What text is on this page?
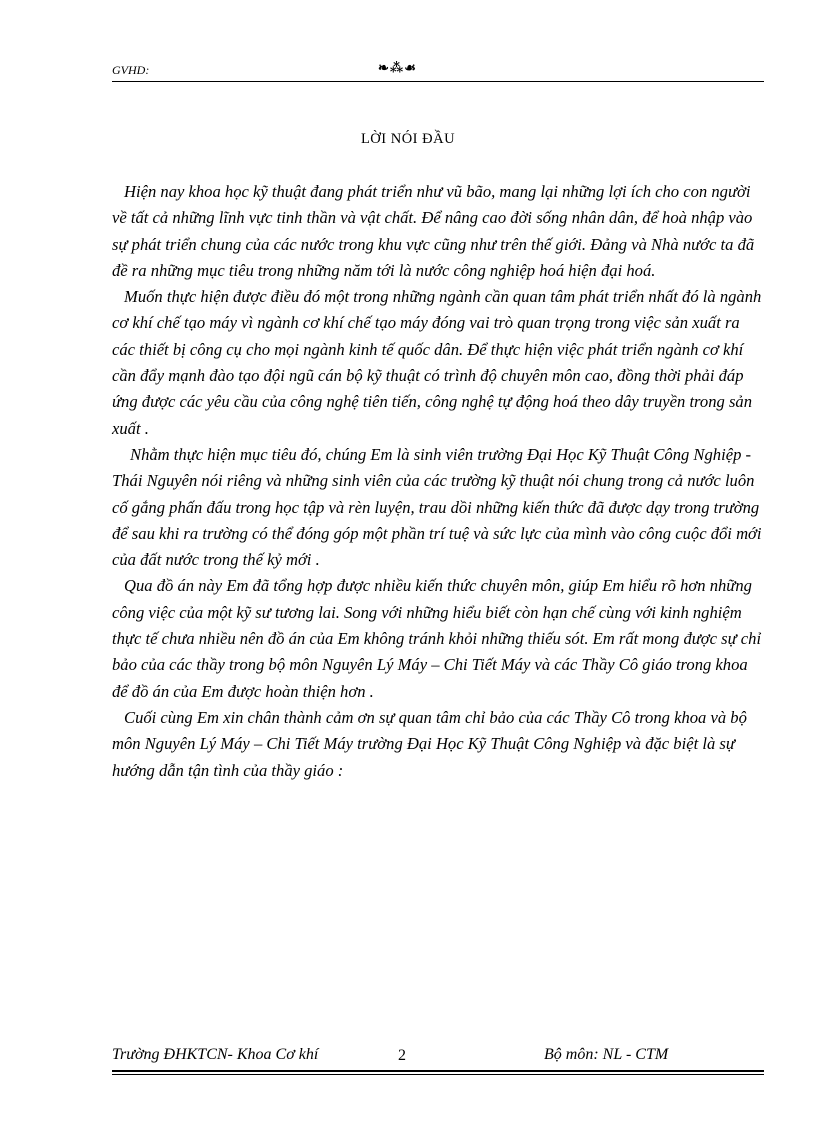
GVHD:	❧⁂☙
LỜI NÓI ĐẦU

Hiện nay khoa học kỹ thuật đang phát triển như vũ bão, mang lại những lợi ích cho con người về tất cả những lĩnh vực tinh thần và vật chất. Để nâng cao đời sống nhân dân, để hoà nhập vào sự phát triển chung của các nước trong khu vực cũng như trên thế giới. Đảng và Nhà nước ta đã đề ra những mục tiêu trong những năm tới là nước công nghiệp hoá hiện đại hoá.

Muốn thực hiện được điều đó một trong những ngành cần quan tâm phát triển nhất đó là ngành cơ khí chế tạo máy vì ngành cơ khí chế tạo máy đóng vai trò quan trọng trong việc sản xuất ra các thiết bị công cụ cho mọi ngành kinh tế quốc dân. Để thực hiện việc phát triển ngành cơ khí cần đẩy mạnh đào tạo đội ngũ cán bộ kỹ thuật có trình độ chuyên môn cao, đồng thời phải đáp ứng được các yêu cầu của công nghệ tiên tiến, công nghệ tự động hoá theo dây truyền trong sản xuất .

Nhằm thực hiện mục tiêu đó, chúng Em là sinh viên trường Đại Học Kỹ Thuật Công Nghiệp - Thái Nguyên nói riêng và những sinh viên của các trường kỹ thuật nói chung trong cả nước luôn cố gắng phấn đấu trong học tập và rèn luyện, trau dồi những kiến thức đã được dạy trong trường để sau khi ra trường có thể đóng góp một phần trí tuệ và sức lực của mình vào công cuộc đổi mới của đất nước trong thế kỷ mới .

Qua đồ án này Em đã tổng hợp được nhiều kiến thức chuyên môn, giúp Em hiểu rõ hơn những công việc của một kỹ sư tương lai. Song với những hiểu biết còn hạn chế cùng với kinh nghiệm thực tế chưa nhiều nên đồ án của Em không tránh khỏi những thiếu sót. Em rất mong được sự chỉ bảo của các thầy trong bộ môn Nguyên Lý Máy – Chi Tiết Máy và các Thầy Cô giáo trong khoa để đồ án của Em được hoàn thiện hơn .

Cuối cùng Em xin chân thành cảm ơn sự quan tâm chỉ bảo của các Thầy Cô trong khoa và bộ môn Nguyên Lý Máy – Chi Tiết Máy trường Đại Học Kỹ Thuật Công Nghiệp và đặc biệt là sự hướng dẫn tận tình của thầy giáo :

Trường ĐHKTCN- Khoa Cơ khí	2	Bộ môn: NL - CTM
